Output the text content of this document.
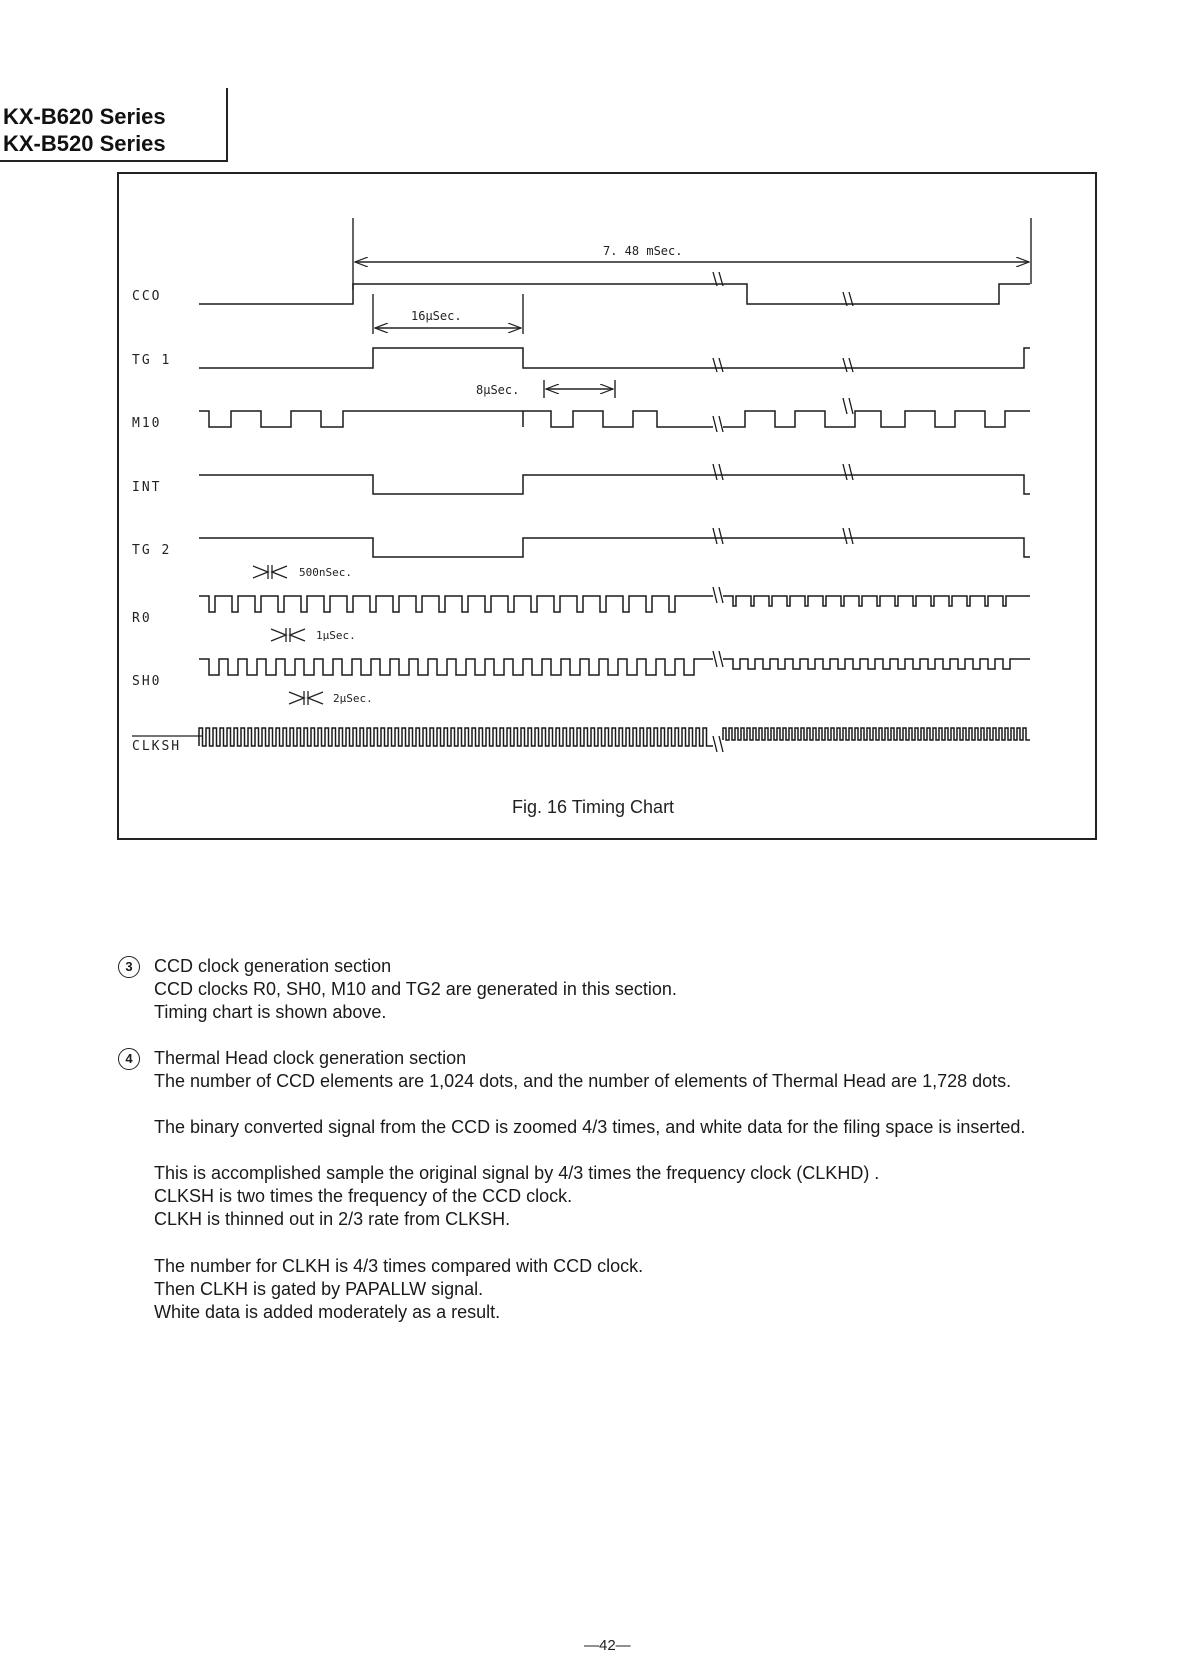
KX-B620 Series
KX-B520 Series
CCO
TG 1
M10
INT
TG 2
R0
SH0
CLKSH
7. 48 mSec.
16μSec.
8μSec.
500nSec.
1μSec.
2μSec.
Fig. 16 Timing Chart
3	CCD clock generation section
CCD clocks R0, SH0, M10 and TG2 are generated in this section.
Timing chart is shown above.
4	Thermal Head clock generation section
The number of CCD elements are 1,024 dots, and the number of elements of Thermal Head are 1,728 dots.
The binary converted signal from the CCD is zoomed 4/3 times, and white data for the filing space is inserted.
This is accomplished sample the original signal by 4/3 times the frequency clock (CLKHD) .
CLKSH is two times the frequency of the CCD clock.
CLKH is thinned out in 2/3 rate from CLKSH.
The number for CLKH is 4/3 times compared with CCD clock.
Then CLKH is gated by PAPALLW signal.
White data is added moderately as a result.
—42—
